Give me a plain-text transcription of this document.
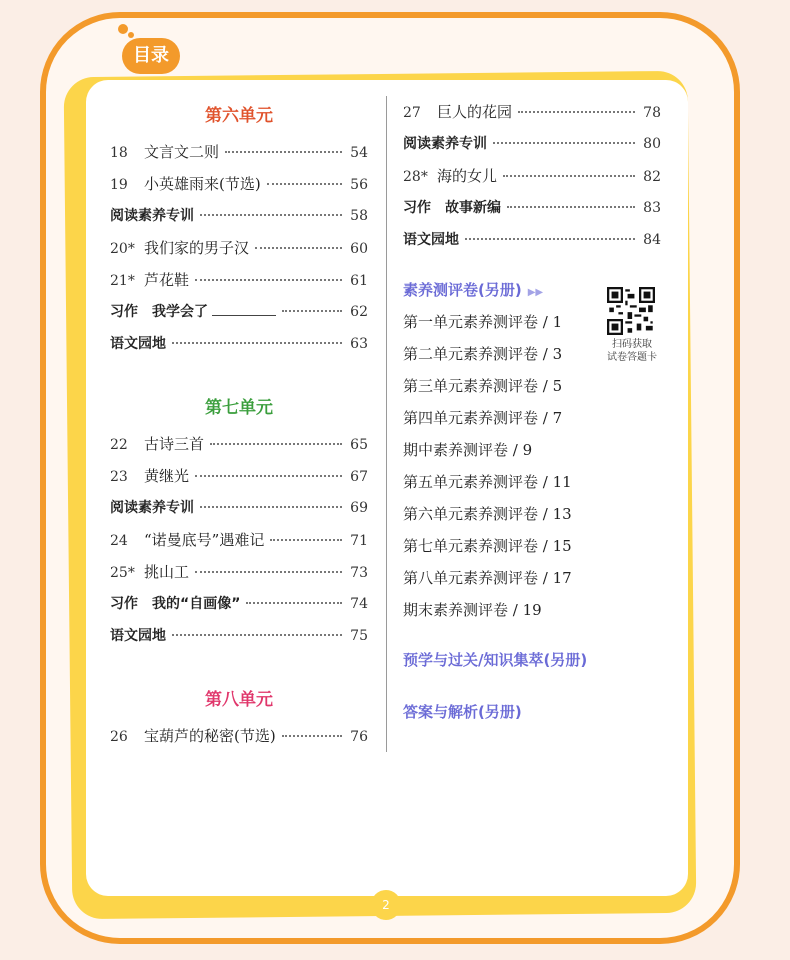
目录
第六单元
18	文言文二则	54
19	小英雄雨来(节选)	56
阅读素养专训	58
20* 我们家的男子汉	60
21* 芦花鞋	61
习作　我学会了	62
语文园地	63
第七单元
22	古诗三首	65
23	黄继光	67
阅读素养专训	69
24	“诺曼底号”遇难记	71
25* 挑山工	73
习作　我的“自画像”	74
语文园地	75
第八单元
26	宝葫芦的秘密(节选)	76
27	巨人的花园	78
阅读素养专训	80
28* 海的女儿	82
习作　故事新编	83
语文园地	84
素养测评卷(另册) ▶▶
第一单元素养测评卷 / 1
第二单元素养测评卷 / 3
第三单元素养测评卷 / 5
第四单元素养测评卷 / 7
期中素养测评卷 / 9
第五单元素养测评卷 / 11
第六单元素养测评卷 / 13
第七单元素养测评卷 / 15
第八单元素养测评卷 / 17
期末素养测评卷 / 19
预学与过关/知识集萃(另册)
答案与解析(另册)
扫码获取
试卷答题卡
2
